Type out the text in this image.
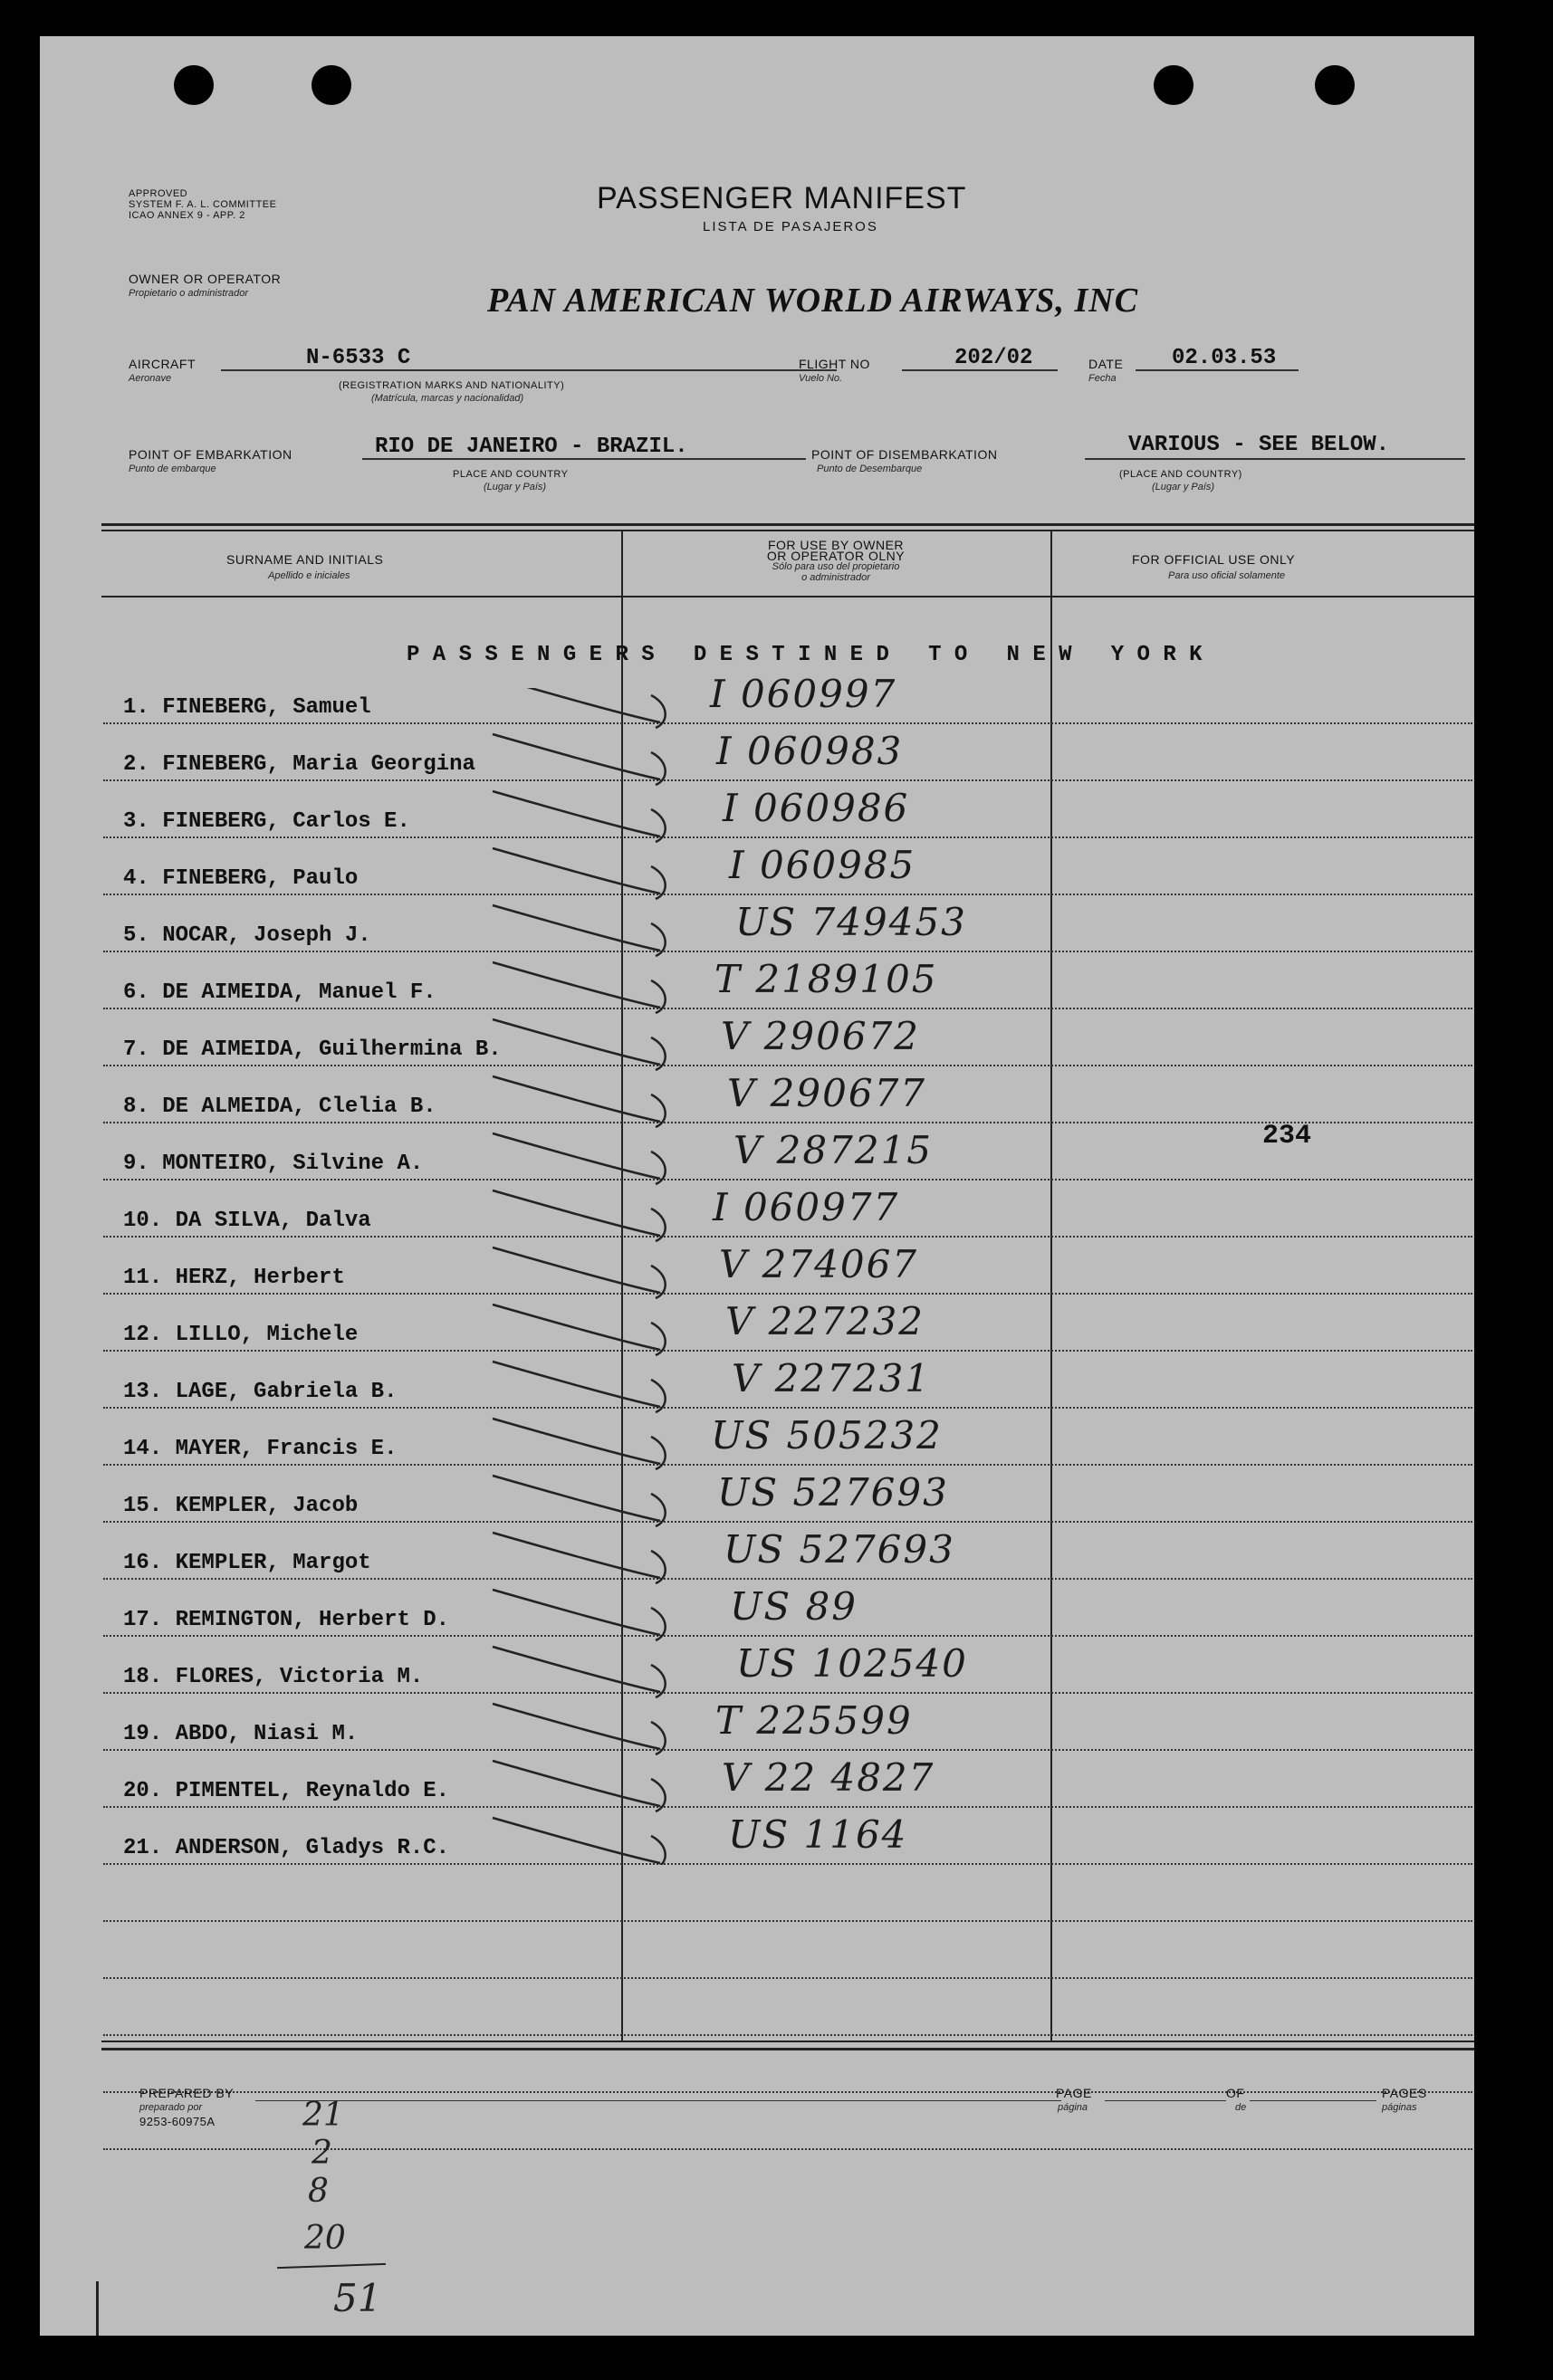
APPROVED
SYSTEM F. A. L. COMMITTEE
ICAO ANNEX 9 - APP. 2	PASSENGER MANIFEST
LISTA DE PASAJEROS
OWNER OR OPERATOR
Propietario o administrador	PAN AMERICAN WORLD AIRWAYS, INC
AIRCRAFT
Aeronave
N-6533 C
(REGISTRATION MARKS AND NATIONALITY)
(Matrícula, marcas y nacionalidad)
FLIGHT NO
Vuelo No.
202/02	DATE
Fecha
02.03.53
POINT OF EMBARKATION
Punto de embarque
RIO DE JANEIRO - BRAZIL.
PLACE AND COUNTRY
(Lugar y País)
POINT OF DISEMBARKATION
Punto de Desembarque
VARIOUS - SEE BELOW.
(PLACE AND COUNTRY)
(Lugar y País)
SURNAME AND INITIALS
Apellido e iniciales
FOR USE BY OWNER
OR OPERATOR OLNY
Sólo para uso del propietario
o administrador
FOR OFFICIAL USE ONLY
Para uso oficial solamente
P A S S E N G E R S   D E S T I N E D   T O   N E W   Y O R K
1. FINEBERG, Samuel	I 060997
2. FINEBERG, Maria Georgina	I 060983
3. FINEBERG, Carlos E.	I 060986
4. FINEBERG, Paulo	I 060985
5. NOCAR, Joseph J.	US 749453
6. DE AIMEIDA, Manuel F.	T 2189105
7. DE AIMEIDA, Guilhermina B.	V 290672
8. DE ALMEIDA, Clelia B.	V 290677
9. MONTEIRO, Silvine A.	V 287215
10. DA SILVA, Dalva	I 060977
11. HERZ, Herbert	V 274067
12. LILLO, Michele	V 227232
13. LAGE, Gabriela B.	V 227231
14. MAYER, Francis E.	US 505232
15. KEMPLER, Jacob	US 527693
16. KEMPLER, Margot	US 527693
17. REMINGTON, Herbert D.	US 89
18. FLORES, Victoria M.	US 102540
19. ABDO, Niasi M.	T 225599
20. PIMENTEL, Reynaldo E.	V 22 4827
21. ANDERSON, Gladys R.C.	US 1164
234
PREPARED BY
preparado por
9253-60975A
PAGE
página
OF
de
PAGES
páginas
21
2
8
20
51
